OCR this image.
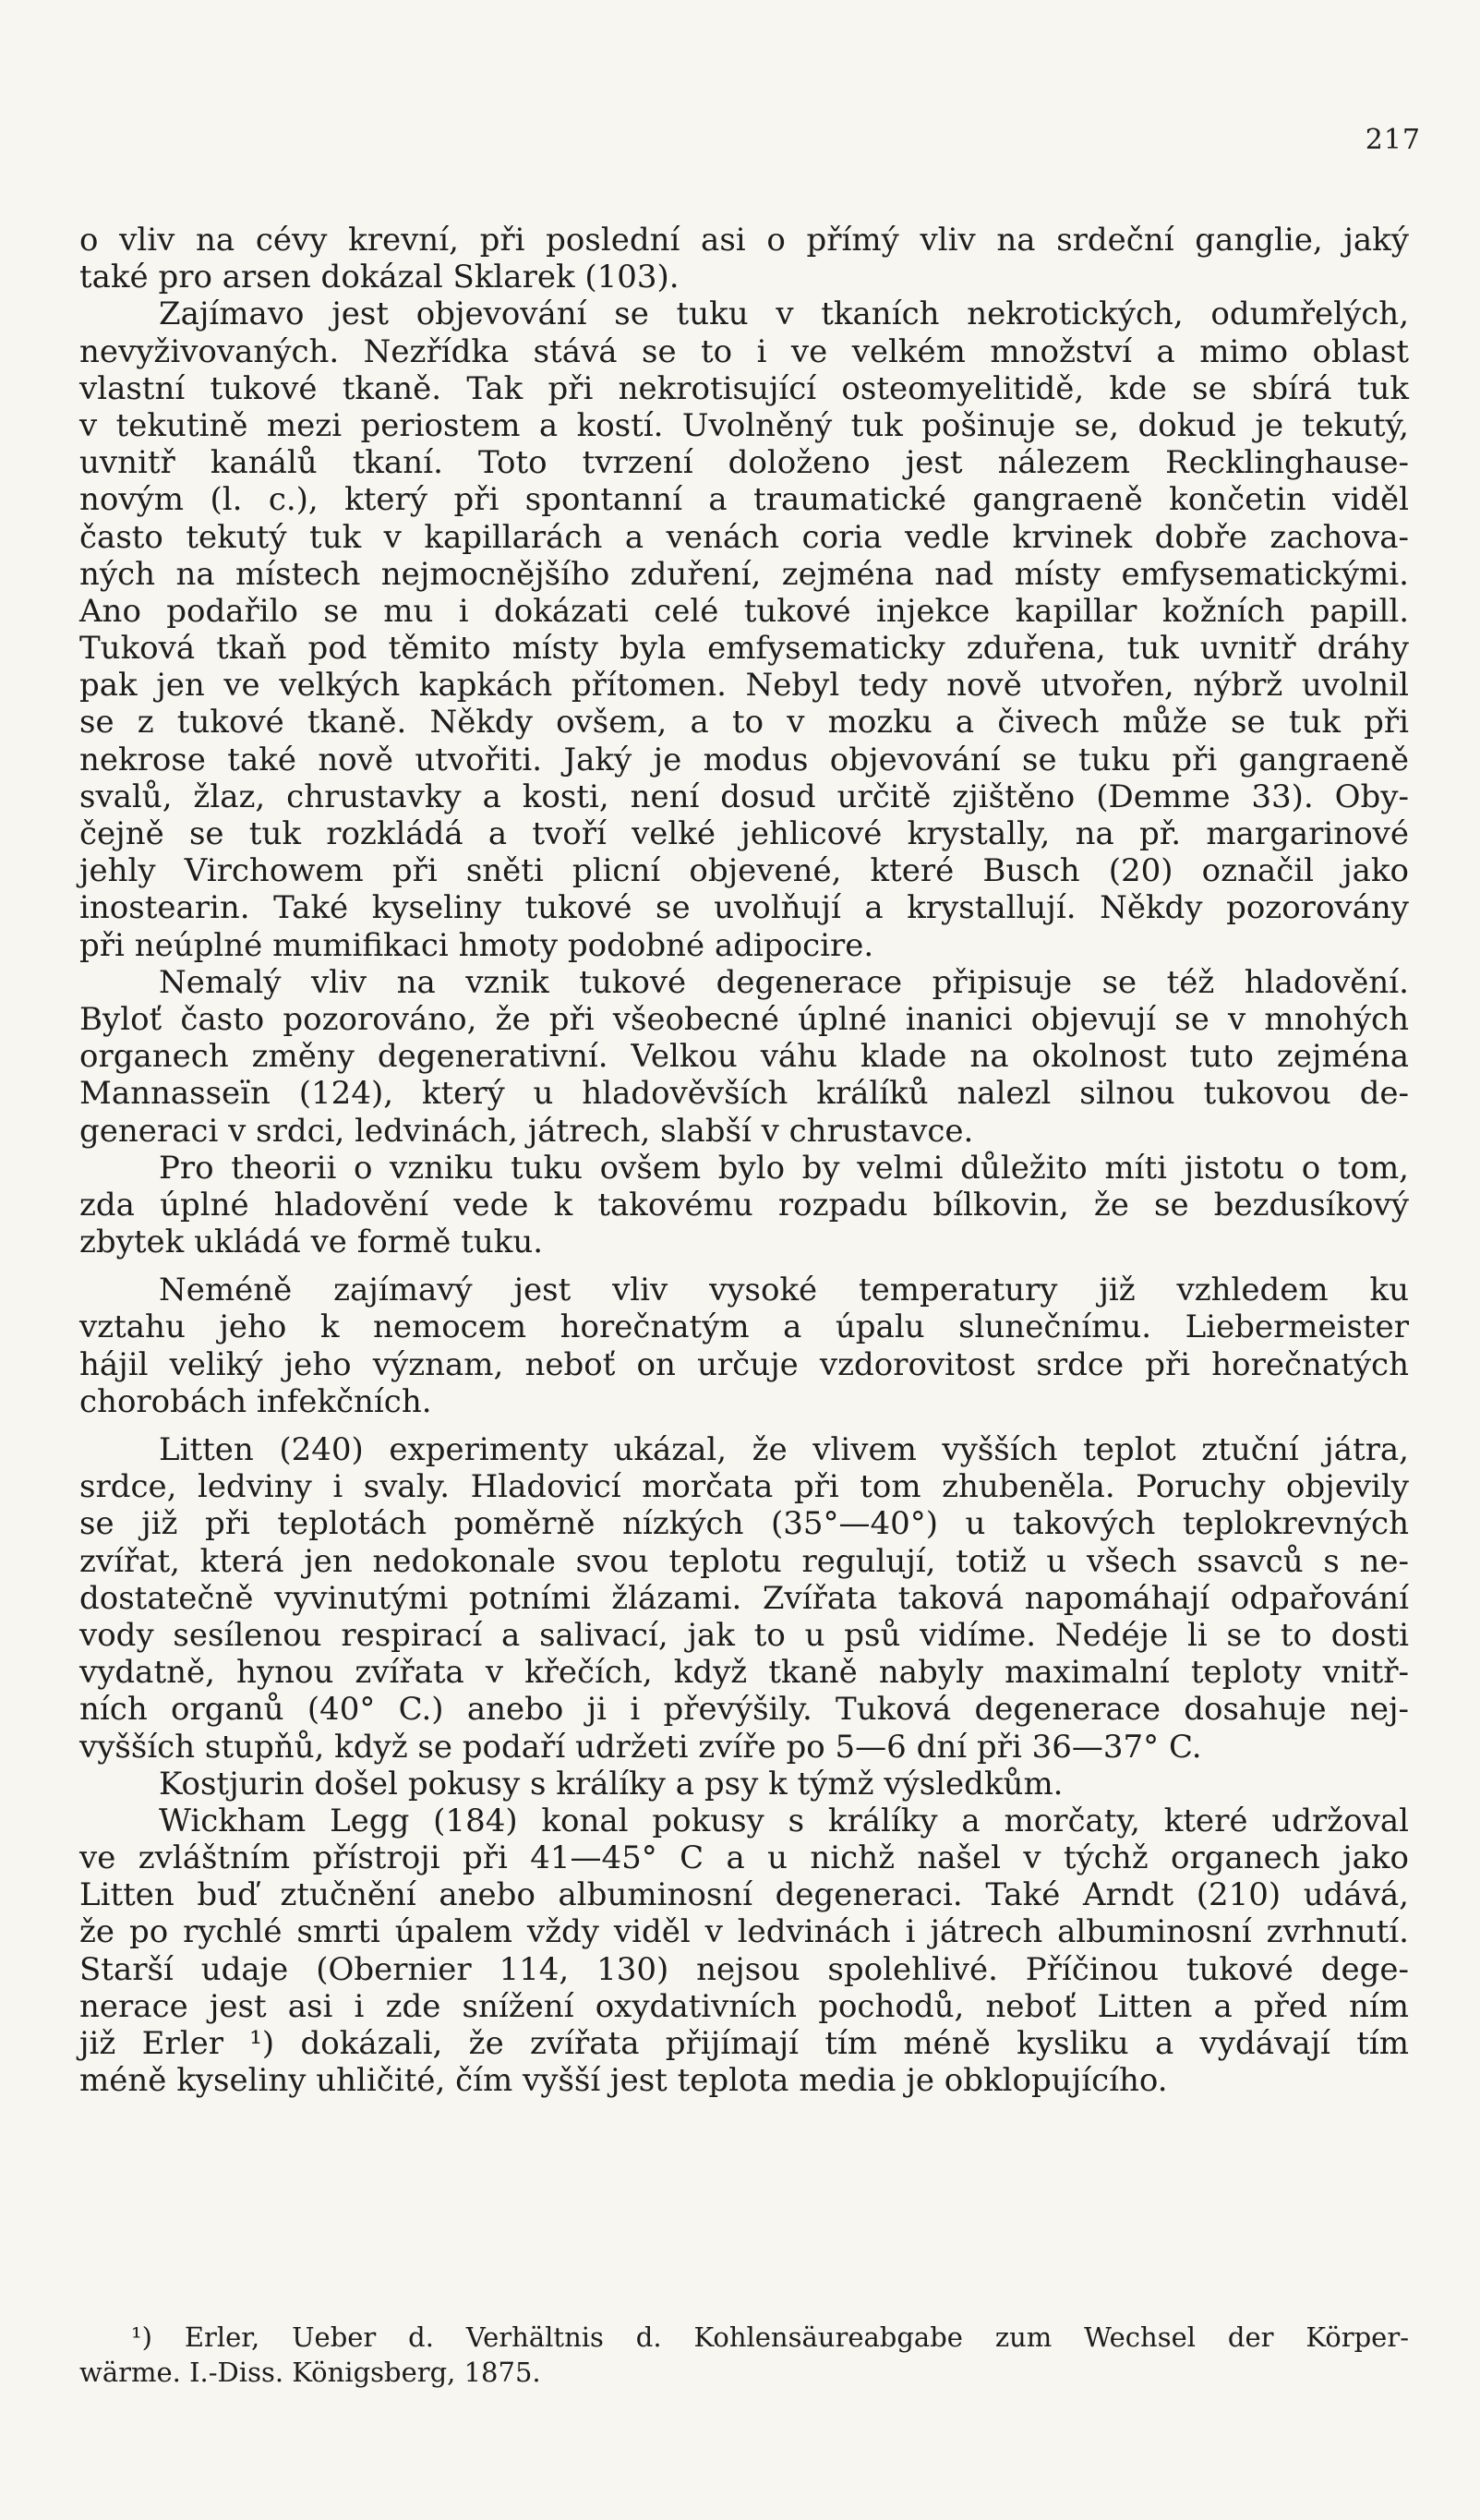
217
o vliv na cévy krevní, při poslední asi o přímý vliv na srdeční ganglie, jaký
také pro arsen dokázal Sklarek (103).
Zajímavo jest objevování se tuku v tkaních nekrotických, odumřelých,
nevyživovaných. Nezřídka stává se to i ve velkém množství a mimo oblast
vlastní tukové tkaně. Tak při nekrotisující osteomyelitidě, kde se sbírá tuk
v tekutině mezi periostem a kostí. Uvolněný tuk pošinuje se, dokud je tekutý,
uvnitř kanálů tkaní. Toto tvrzení doloženo jest nálezem Recklinghause-
novým (l. c.), který při spontanní a traumatické gangraeně končetin viděl
často tekutý tuk v kapillarách a venách coria vedle krvinek dobře zachova-
ných na místech nejmocnějšího zduření, zejména nad místy emfysematickými.
Ano podařilo se mu i dokázati celé tukové injekce kapillar kožních papill.
Tuková tkaň pod těmito místy byla emfysematicky zduřena, tuk uvnitř dráhy
pak jen ve velkých kapkách přítomen. Nebyl tedy nově utvořen, nýbrž uvolnil
se z tukové tkaně. Někdy ovšem, a to v mozku a čivech může se tuk při
nekrose také nově utvořiti. Jaký je modus objevování se tuku při gangraeně
svalů, žlaz, chrustavky a kosti, není dosud určitě zjištěno (Demme 33). Oby-
čejně se tuk rozkládá a tvoří velké jehlicové krystally, na př. margarinové
jehly Virchowem při sněti plicní objevené, které Busch (20) označil jako
inostearin. Také kyseliny tukové se uvolňují a krystallují. Někdy pozorovány
při neúplné mumifikaci hmoty podobné adipocire.
Nemalý vliv na vznik tukové degenerace připisuje se též hladovění.
Byloť často pozorováno, že při všeobecné úplné inanici objevují se v mnohých
organech změny degenerativní. Velkou váhu klade na okolnost tuto zejména
Mannasseïn (124), který u hladověvších králíků nalezl silnou tukovou de-
generaci v srdci, ledvinách, játrech, slabší v chrustavce.
Pro theorii o vzniku tuku ovšem bylo by velmi důležito míti jistotu o tom,
zda úplné hladovění vede k takovému rozpadu bílkovin, že se bezdusíkový
zbytek ukládá ve formě tuku.
Neméně zajímavý jest vliv vysoké temperatury již vzhledem ku
vztahu jeho k nemocem horečnatým a úpalu slunečnímu. Liebermeister
hájil veliký jeho význam, neboť on určuje vzdorovitost srdce při horečnatých
chorobách infekčních.
Litten (240) experimenty ukázal, že vlivem vyšších teplot ztuční játra,
srdce, ledviny i svaly. Hladovicí morčata při tom zhubeněla. Poruchy objevily
se již při teplotách poměrně nízkých (35°—40°) u takových teplokrevných
zvířat, která jen nedokonale svou teplotu regulují, totiž u všech ssavců s ne-
dostatečně vyvinutými potními žlázami. Zvířata taková napomáhají odpařování
vody sesílenou respirací a salivací, jak to u psů vidíme. Nedéje li se to dosti
vydatně, hynou zvířata v křečích, když tkaně nabyly maximalní teploty vnitř-
ních organů (40° C.) anebo ji i převýšily. Tuková degenerace dosahuje nej-
vyšších stupňů, když se podaří udržeti zvíře po 5—6 dní při 36—37° C.
Kostjurin došel pokusy s králíky a psy k týmž výsledkům.
Wickham Legg (184) konal pokusy s králíky a morčaty, které udržoval
ve zvláštním přístroji při 41—45° C a u nichž našel v týchž organech jako
Litten buď ztučnění anebo albuminosní degeneraci. Také Arndt (210) udává,
že po rychlé smrti úpalem vždy viděl v ledvinách i játrech albuminosní zvrhnutí.
Starší udaje (Obernier 114, 130) nejsou spolehlivé. Příčinou tukové dege-
nerace jest asi i zde snížení oxydativních pochodů, neboť Litten a před ním
již Erler ¹) dokázali, že zvířata přijímají tím méně kysliku a vydávají tím
méně kyseliny uhličité, čím vyšší jest teplota media je obklopujícího.
¹) Erler, Ueber d. Verhältnis d. Kohlensäureabgabe zum Wechsel der Körper-
wärme. I.-Diss. Königsberg, 1875.
